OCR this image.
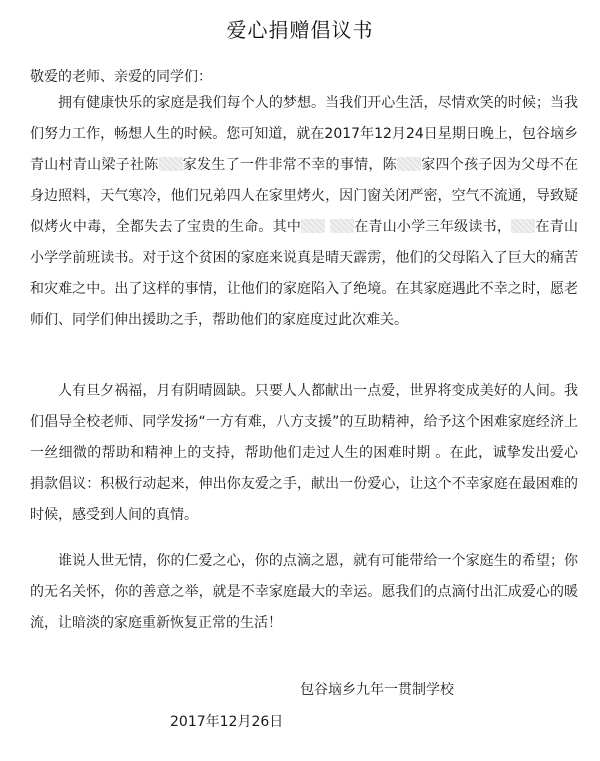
爱心捐赠倡议书
敬爱的老师、亲爱的同学们：
拥有健康快乐的家庭是我们每个人的梦想。当我们开心生活，尽情欢笑的时候；当我们努力工作，畅想人生的时候。您可知道，就在2017年12月24日星期日晚上，包谷垴乡青山村青山梁子社陈 家发生了一件非常不幸的事情，陈 家四个孩子因为父母不在身边照料，天气寒冷，他们兄弟四人在家里烤火，因门窗关闭严密，空气不流通，导致疑似烤火中毒，全都失去了宝贵的生命。其中	在青山小学三年级读书， 在青山小学学前班读书。对于这个贫困的家庭来说真是晴天霹雳，他们的父母陷入了巨大的痛苦和灾难之中。出了这样的事情，让他们的家庭陷入了绝境。在其家庭遇此不幸之时，愿老师们、同学们伸出援助之手，帮助他们的家庭度过此次难关。
人有旦夕祸福，月有阴晴圆缺。只要人人都献出一点爱，世界将变成美好的人间。我们倡导全校老师、同学发扬“一方有难，八方支援”的互助精神，给予这个困难家庭经济上一丝细微的帮助和精神上的支持，帮助他们走过人生的困难时期 。在此，诚挚发出爱心捐款倡议：积极行动起来，伸出你友爱之手，献出一份爱心，让这个不幸家庭在最困难的时候，感受到人间的真情。
谁说人世无情，你的仁爱之心，你的点滴之恩，就有可能带给一个家庭生的希望；你的无名关怀，你的善意之举，就是不幸家庭最大的幸运。愿我们的点滴付出汇成爱心的暖流，让暗淡的家庭重新恢复正常的生活！
包谷垴乡九年一贯制学校
2017年12月26日
